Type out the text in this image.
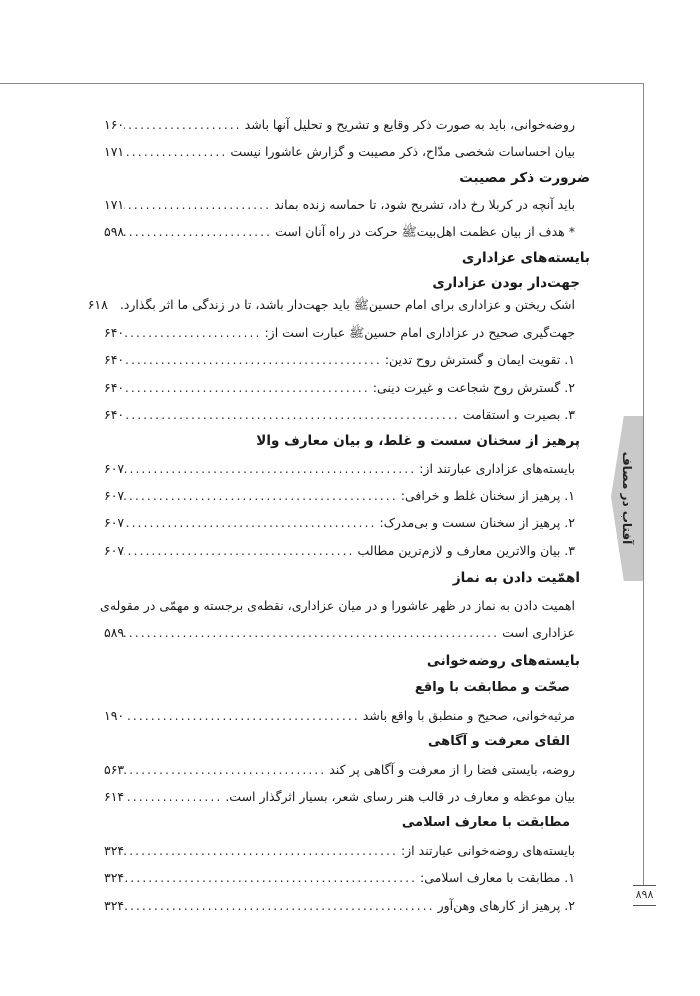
آفتاب در مصاف
۸۹۸
روضه‌خوانی، باید به صورت ذکر وقایع و تشریح و تحلیل آنها باشد
.....
۱۶۰
بیان احساسات شخصی مدّاح، ذکر مصیبت و گزارش عاشورا نیست
.....
۱۷۱
ضرورت ذکر مصیبت
باید آنچه در کربلا رخ داد، تشریح شود، تا حماسه زنده بماند
.....
۱۷۱
* هدف از بیان عظمت اهل‌بیتﷺ حرکت در راه آنان است
.....
۵۹۸
بایسته‌های عزاداری
جهت‌دار بودن عزاداری
اشک ریختن و عزاداری برای امام حسینﷺ باید جهت‌دار باشد، تا در زندگی ما اثر بگذارد.
۶۱۸
جهت‌گیری صحیح در عزاداری امام حسینﷺ عبارت است از:
.....
۶۴۰
۱. تقویت ایمان و گسترش روح تدین:
.....
۶۴۰
۲. گسترش روح شجاعت و غیرت دینی:
.....
۶۴۰
۳. بصیرت و استقامت
.....
۶۴۰
پرهیز از سخنان سست و غلط، و بیان معارف والا
بایسته‌های عزاداری عبارتند از:
.....
۶۰۷
۱. پرهیز از سخنان غلط و خرافی:
.....
۶۰۷
۲. پرهیز از سخنان سست و بی‌مدرک:
.....
۶۰۷
۳. بیان والاترین معارف و لازم‌ترین مطالب
.....
۶۰۷
اهمّیت دادن به نماز
اهمیت دادن به نماز در ظهر عاشورا و در میان عزاداری، نقطه‌ی برجسته و مهمّی در مقوله‌ی
عزاداری است
.....
۵۸۹
بایسته‌های روضه‌خوانی
صحّت و مطابقت با واقع
مرثیه‌خوانی، صحیح و منطبق با واقع باشد
.....
۱۹۰
القای معرفت و آگاهی
روضه، بایستی فضا را از معرفت و آگاهی پر کند
.....
۵۶۳
بیان موعظه و معارف در قالب هنر رسای شعر، بسیار اثرگذار است.
.....
۶۱۴
مطابقت با معارف اسلامی
بایسته‌های روضه‌خوانی عبارتند از:
.....
۳۲۴
۱. مطابقت با معارف اسلامی:
.....
۳۲۴
۲. پرهیز از کارهای وهن‌آور
.....
۳۲۴
